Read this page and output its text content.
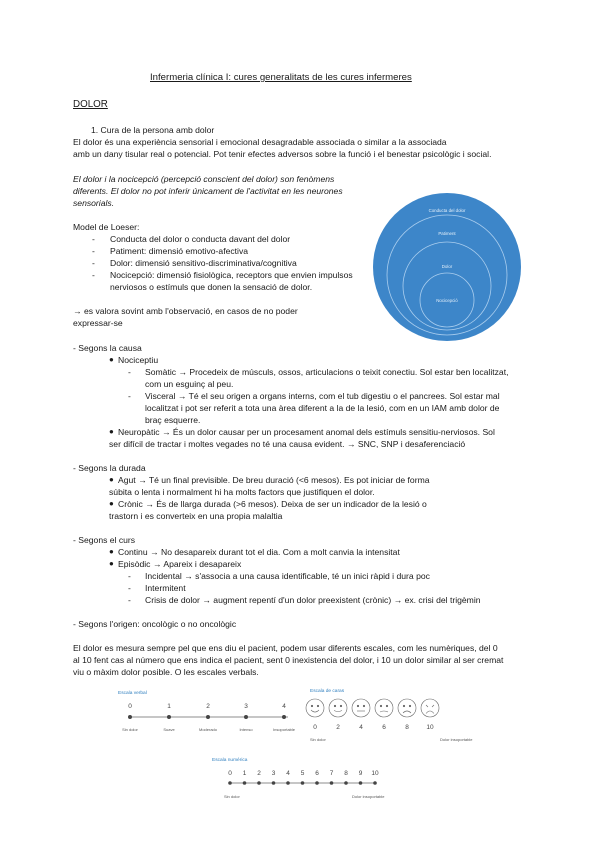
Infermeria clínica I: cures generalitats de les cures infermeres
DOLOR
1. Cura de la persona amb dolor
El dolor és una experiència sensorial i emocional desagradable associada o similar a la associada
amb un dany tisular real o potencial. Pot tenir efectes adversos sobre la funció i el benestar psicològic i social.
El dolor i la nocicepció (percepció conscient del dolor) son fenòmens
diferents. El dolor no pot inferir únicament de l'activitat en les neurones
sensorials.
Model de Loeser:
- Conducta del dolor o conducta davant del dolor
- Patiment: dimensió emotivo-afectiva
- Dolor: dimensió sensitivo-discriminativa/cognitiva
- Nocicepció: dimensió fisiològica, receptors que envien impulsos
nerviosos o estímuls que donen la sensació de dolor.
Conducta del dolor
Patiment
Dolor
Nocicepció
→ es valora sovint amb l'observació, en casos de no poder
expressar-se
- Segons la causa
● Nociceptiu
- Somàtic → Procedeix de músculs, ossos, articulacions o teixit conectiu. Sol estar ben localitzat,
com un esguinç al peu.
- Visceral → Té el seu origen a organs interns, com el tub digestiu o el pancrees. Sol estar mal
localitzat i pot ser referit a tota una àrea diferent a la de la lesió, com en un IAM amb dolor de
braç esquerre.
● Neuropàtic → És un dolor causar per un procesament anomal dels estímuls sensitiu-nerviosos. Sol
ser difícil de tractar i moltes vegades no té una causa evident. → SNC, SNP i desaferenciació
- Segons la durada
● Agut → Té un final previsible. De breu duració (<6 mesos). Es pot iniciar de forma
súbita o lenta i normalment hi ha molts factors que justifiquen el dolor.
● Crònic → És de llarga durada (>6 mesos). Deixa de ser un indicador de la lesió o
trastorn i es converteix en una propia malaltia
- Segons el curs
● Continu → No desapareix durant tot el dia. Com a molt canvia la intensitat
● Episòdic → Apareix i desapareix
- Incidental → s'associa a una causa identificable, té un inici ràpid i dura poc
- Intermitent
- Crisis de dolor → augment repentí d'un dolor preexistent (crònic) → ex. crisi del trigèmin
- Segons l'origen: oncològic o no oncològic
El dolor es mesura sempre pel que ens diu el pacient, podem usar diferents escales, com les numèriques, del 0
al 10 fent cas al número que ens indica el pacient, sent 0 inexistencia del dolor, i 10 un dolor similar al ser cremat
viu o màxim dolor posible. O les escales verbals.
Escala verbal
0	1	2	3	4
Sin dolor	Suave	Moderado	Intenso	Insoportable
Escala de caras
0	2	4	6	8	10
Sin dolor	Dolor insoportable
Escala numérica
0 1 2 3 4 5 6 7 8 9 10
Sin dolor	Dolor insoportable
